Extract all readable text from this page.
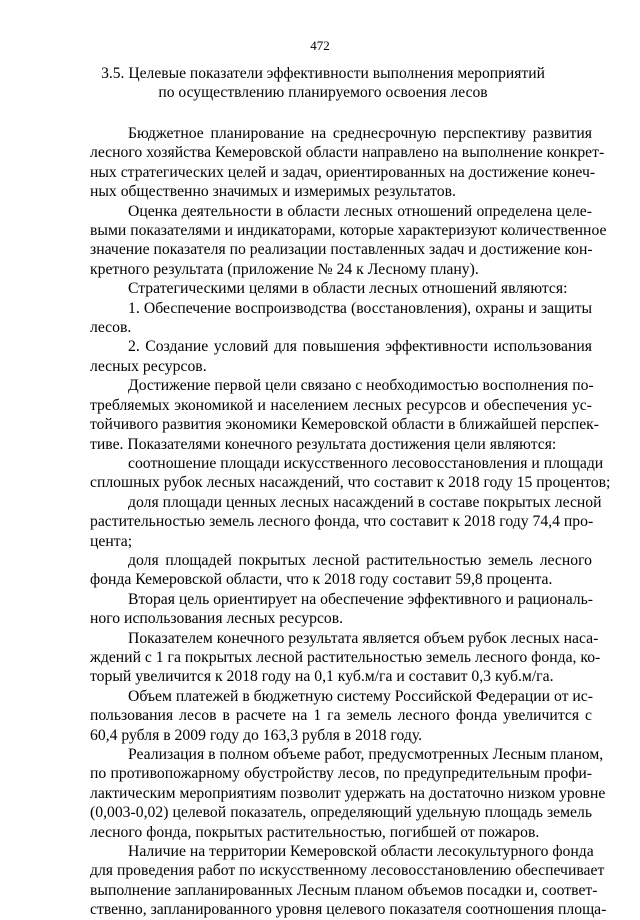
472
3.5. Целевые показатели эффективности выполнения мероприятий
по осуществлению планируемого освоения лесов

Бюджетное планирование на среднесрочную перспективу развития
лесного хозяйства Кемеровской области направлено на выполнение конкрет-
ных стратегических целей и задач, ориентированных на достижение конеч-
ных общественно значимых и измеримых результатов.

Оценка деятельности в области лесных отношений определена целе-
выми показателями и индикаторами, которые характеризуют количественное
значение показателя по реализации поставленных задач и достижение кон-
кретного результата (приложение № 24 к Лесному плану).

Стратегическими целями в области лесных отношений являются:

1. Обеспечение воспроизводства (восстановления), охраны и защиты
лесов.

2. Создание условий для повышения эффективности использования
лесных ресурсов.

Достижение первой цели связано с необходимостью восполнения по-
требляемых экономикой и населением лесных ресурсов и обеспечения ус-
тойчивого развития экономики Кемеровской области в ближайшей перспек-
тиве. Показателями конечного результата достижения цели являются:

соотношение площади искусственного лесовосстановления и площади
сплошных рубок лесных насаждений, что составит к 2018 году 15 процентов;

доля площади ценных лесных насаждений в составе покрытых лесной
растительностью земель лесного фонда, что составит к 2018 году 74,4 про-
цента;

доля площадей покрытых лесной растительностью земель лесного
фонда Кемеровской области, что к 2018 году составит 59,8 процента.

Вторая цель ориентирует на обеспечение эффективного и рациональ-
ного использования лесных ресурсов.

Показателем конечного результата является объем рубок лесных наса-
ждений с 1 га покрытых лесной растительностью земель лесного фонда, ко-
торый увеличится к 2018 году на 0,1 куб.м/га и составит 0,3 куб.м/га.

Объем платежей в бюджетную систему Российской Федерации от ис-
пользования лесов в расчете на 1 га земель лесного фонда увеличится с
60,4 рубля в 2009 году до 163,3 рубля в 2018 году.

Реализация в полном объеме работ, предусмотренных Лесным планом,
по противопожарному обустройству лесов, по предупредительным профи-
лактическим мероприятиям позволит удержать на достаточно низком уровне
(0,003-0,02) целевой показатель, определяющий удельную площадь земель
лесного фонда, покрытых растительностью, погибшей от пожаров.

Наличие на территории Кемеровской области лесокультурного фонда
для проведения работ по искусственному лесовосстановлению обеспечивает
выполнение запланированных Лесным планом объемов посадки и, соответ-
ственно, запланированного уровня целевого показателя соотношения площа-
